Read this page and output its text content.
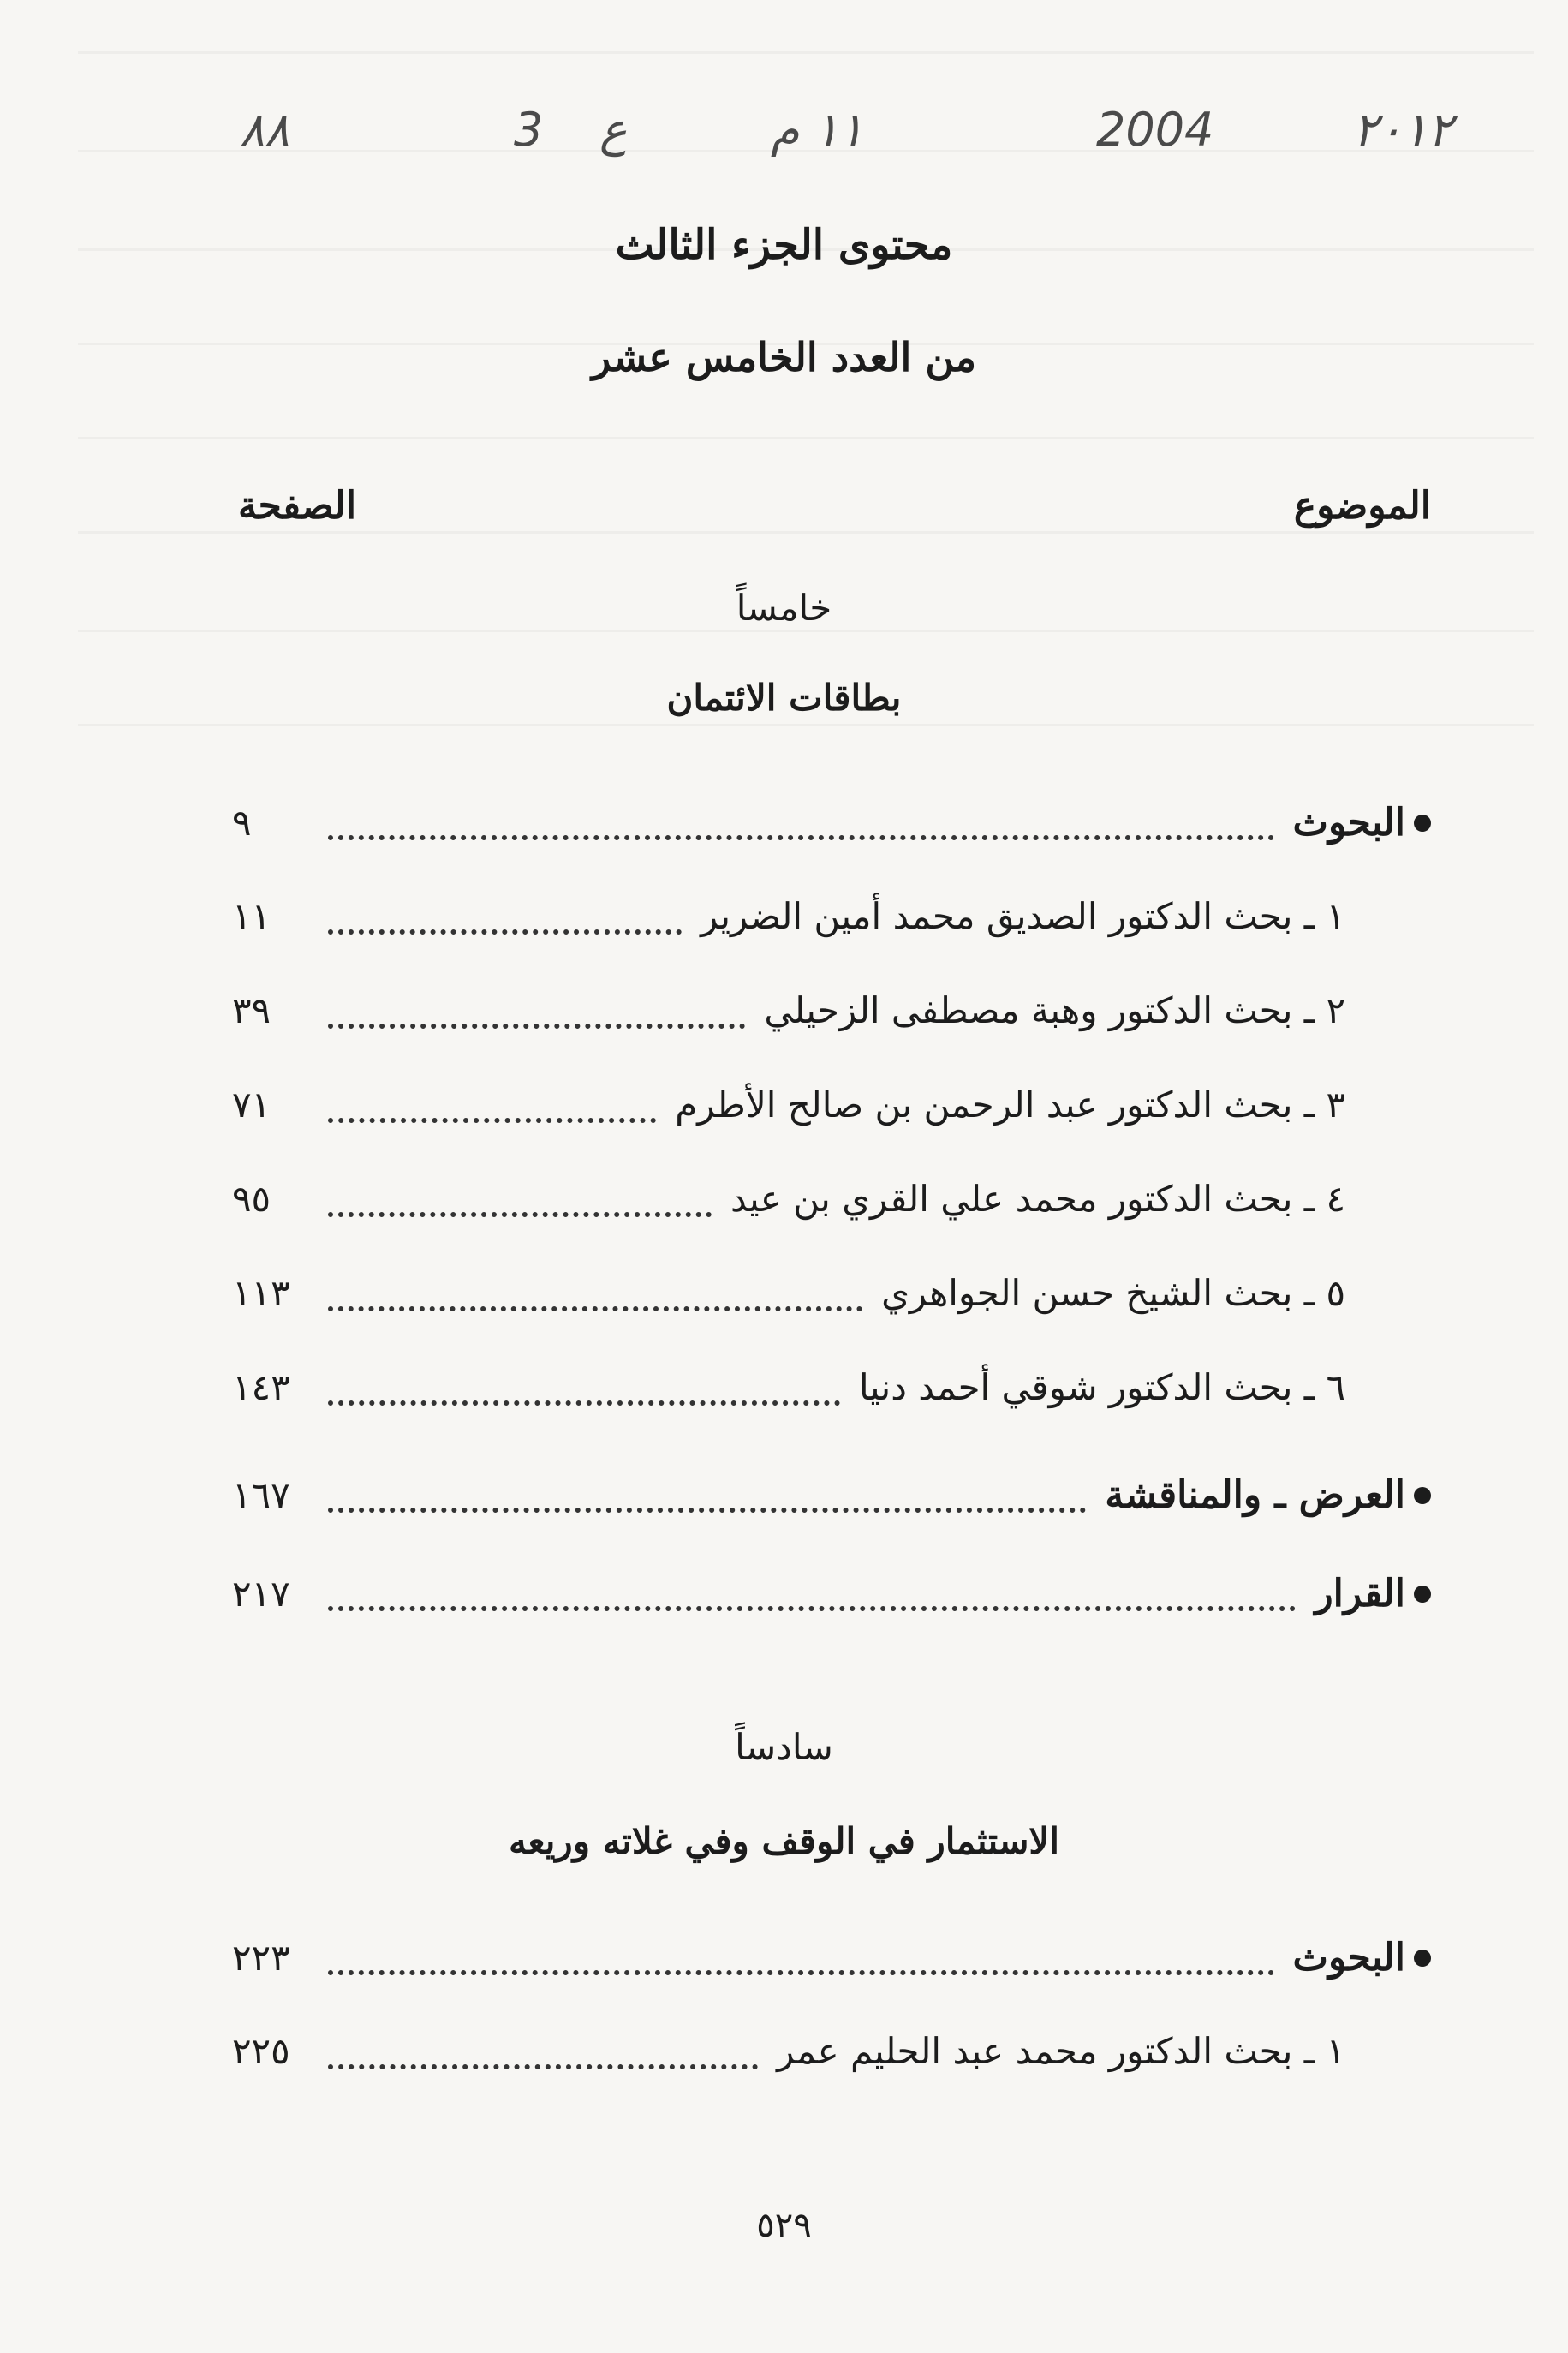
٢٠١٢
2004
١١ م
ع
3
٨٨
محتوى الجزء الثالث
من العدد الخامس عشر
الموضوع
الصفحة
خامساً
بطاقات الائتمان
البحوث
٩
١ ـ بحث الدكتور الصديق محمد أمين الضرير
١١
٢ ـ بحث الدكتور وهبة مصطفى الزحيلي
٣٩
٣ ـ بحث الدكتور عبد الرحمن بن صالح الأطرم
٧١
٤ ـ بحث الدكتور محمد علي القري بن عيد
٩٥
٥ ـ بحث الشيخ حسن الجواهري
١١٣
٦ ـ بحث الدكتور شوقي أحمد دنيا
١٤٣
العرض ـ والمناقشة
١٦٧
القرار
٢١٧
سادساً
الاستثمار في الوقف وفي غلاته وريعه
البحوث
٢٢٣
١ ـ بحث الدكتور محمد عبد الحليم عمر
٢٢٥
٥٢٩
